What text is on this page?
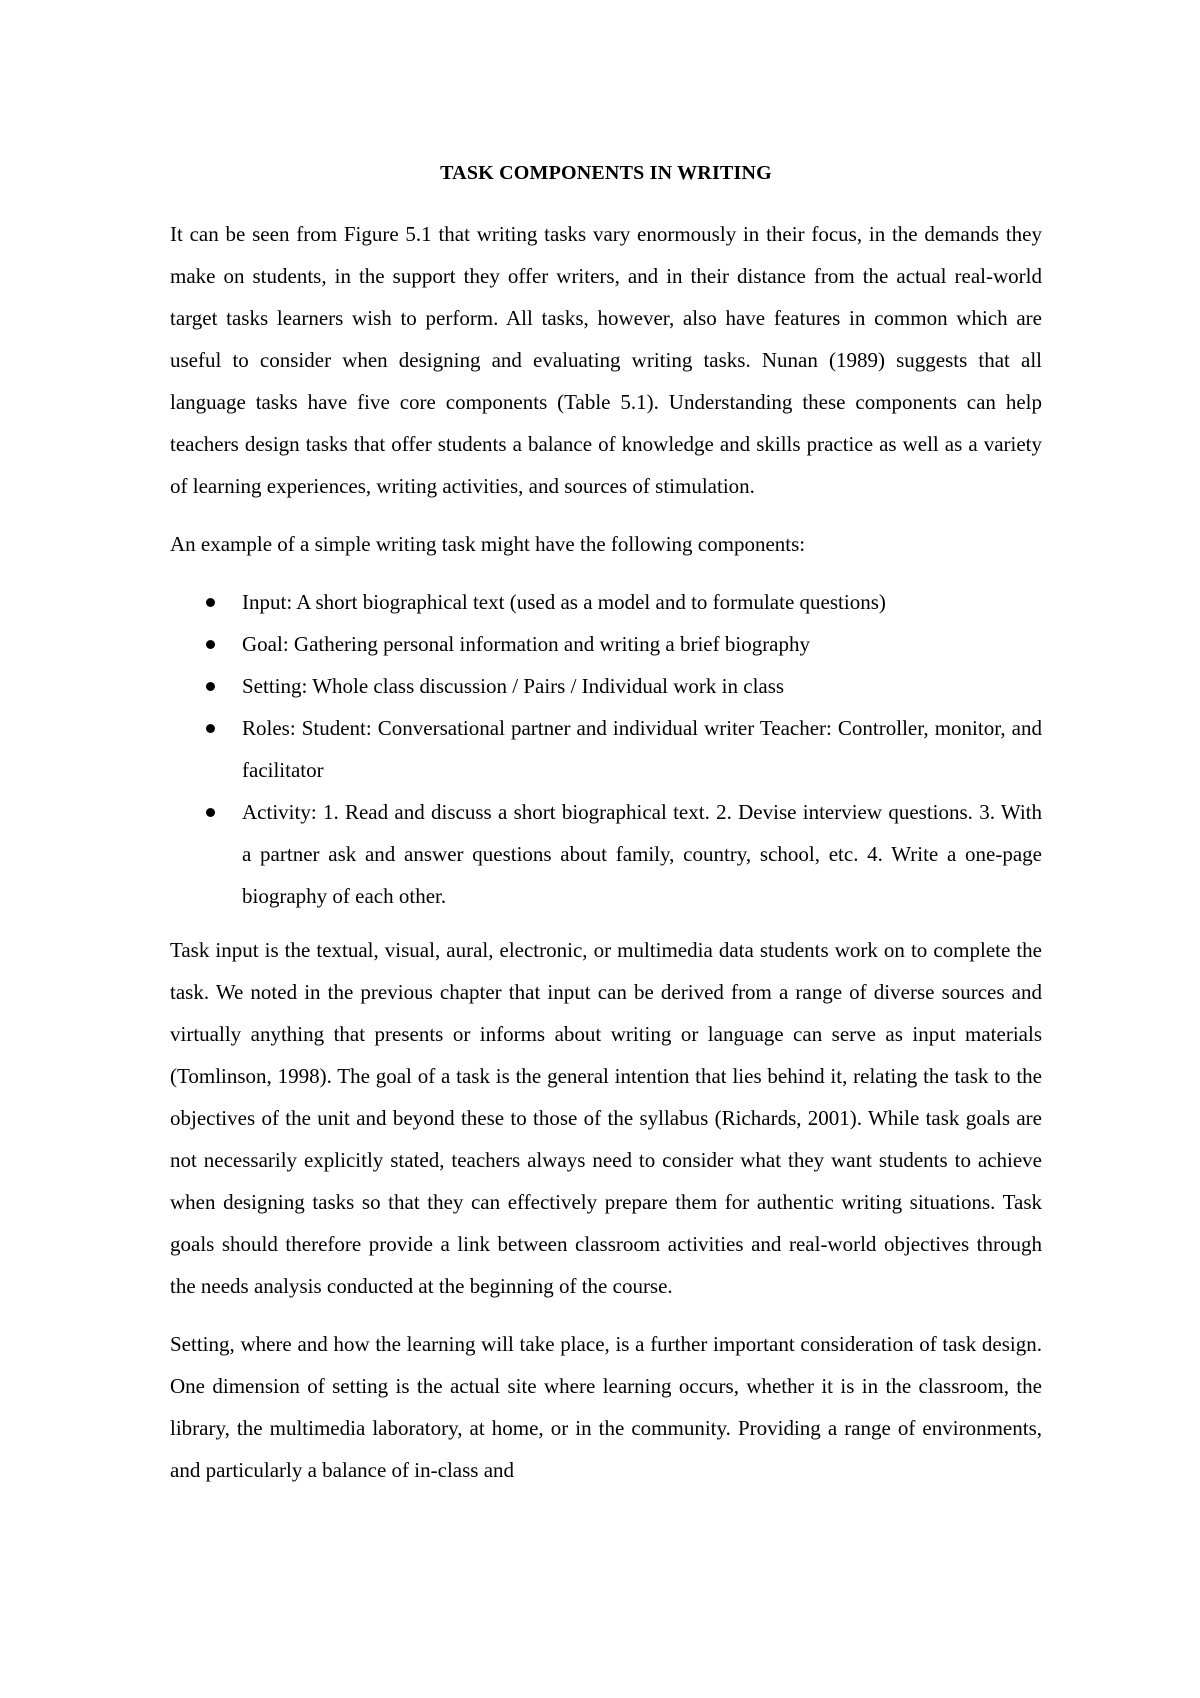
TASK COMPONENTS IN WRITING

It can be seen from Figure 5.1 that writing tasks vary enormously in their focus, in the demands they make on students, in the support they offer writers, and in their distance from the actual real-world target tasks learners wish to perform. All tasks, however, also have features in common which are useful to consider when designing and evaluating writing tasks. Nunan (1989) suggests that all language tasks have five core components (Table 5.1). Understanding these components can help teachers design tasks that offer students a balance of knowledge and skills practice as well as a variety of learning experiences, writing activities, and sources of stimulation.

An example of a simple writing task might have the following components:

Input: A short biographical text (used as a model and to formulate questions)
Goal: Gathering personal information and writing a brief biography
Setting: Whole class discussion / Pairs / Individual work in class
Roles: Student: Conversational partner and individual writer Teacher: Controller, monitor, and facilitator
Activity: 1. Read and discuss a short biographical text. 2. Devise interview questions. 3. With a partner ask and answer questions about family, country, school, etc. 4. Write a one-page biography of each other.

Task input is the textual, visual, aural, electronic, or multimedia data students work on to complete the task. We noted in the previous chapter that input can be derived from a range of diverse sources and virtually anything that presents or informs about writing or language can serve as input materials (Tomlinson, 1998). The goal of a task is the general intention that lies behind it, relating the task to the objectives of the unit and beyond these to those of the syllabus (Richards, 2001). While task goals are not necessarily explicitly stated, teachers always need to consider what they want students to achieve when designing tasks so that they can effectively prepare them for authentic writing situations. Task goals should therefore provide a link between classroom activities and real-world objectives through the needs analysis conducted at the beginning of the course.

Setting, where and how the learning will take place, is a further important consideration of task design. One dimension of setting is the actual site where learning occurs, whether it is in the classroom, the library, the multimedia laboratory, at home, or in the community. Providing a range of environments, and particularly a balance of in-class and
